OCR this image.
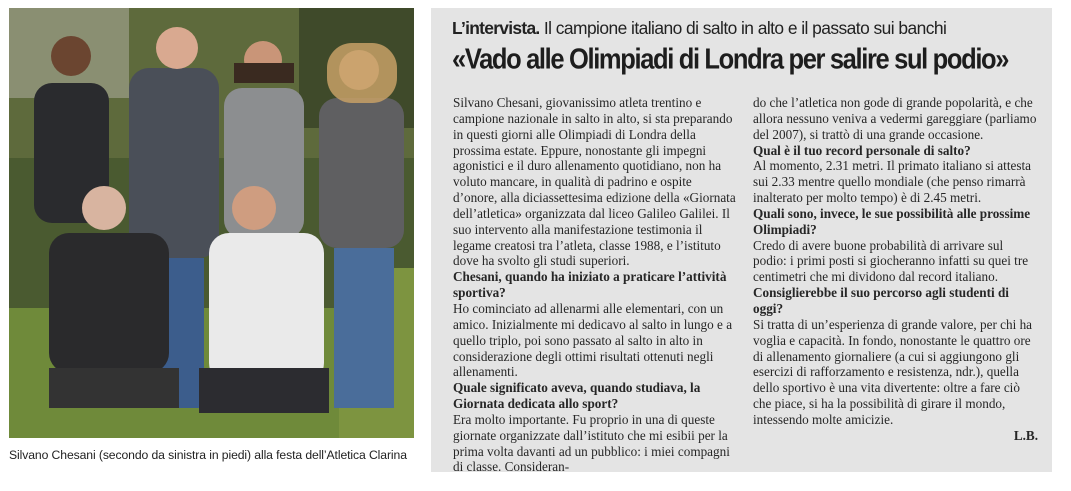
Silvano Chesani (secondo da sinistra in piedi) alla festa dell’Atletica Clarina
L’intervista. Il campione italiano di salto in alto e il passato sui banchi
«Vado alle Olimpiadi di Londra per salire sul podio»

Silvano Chesani, giovanissimo atleta trentino e campione nazionale in salto in alto, si sta preparando in questi giorni alle Olimpiadi di Londra della prossima estate. Eppure, nonostante gli impegni agonistici e il duro allenamento quotidiano, non ha voluto mancare, in qualità di padrino e ospite d’onore, alla diciassettesima edizione della «Giornata dell’atletica» organizzata dal liceo Galileo Galilei. Il suo intervento alla manifestazione testimonia il legame creatosi tra l’atleta, classe 1988, e l’istituto dove ha svolto gli studi superiori.

Chesani, quando ha iniziato a praticare l’attività sportiva?

Ho cominciato ad allenarmi alle elementari, con un amico. Inizialmente mi dedicavo al salto in lungo e a quello triplo, poi sono passato al salto in alto in considerazione degli ottimi risultati ottenuti negli allenamenti.

Quale significato aveva, quando studiava, la Giornata dedicata allo sport?

Era molto importante. Fu proprio in una di queste giornate organizzate dall’istituto che mi esibii per la prima volta davanti ad un pubblico: i miei compagni di classe. Consideran-

do che l’atletica non gode di grande popolarità, e che allora nessuno veniva a vedermi gareggiare (parliamo del 2007), si trattò di una grande occasione.

Qual è il tuo record personale di salto?

Al momento, 2.31 metri. Il primato italiano si attesta sui 2.33 mentre quello mondiale (che penso rimarrà inalterato per molto tempo) è di 2.45 metri.

Quali sono, invece, le sue possibilità alle prossime Olimpiadi?

Credo di avere buone probabilità di arrivare sul podio: i primi posti si giocheranno infatti su quei tre centimetri che mi dividono dal record italiano.

Consiglierebbe il suo percorso agli studenti di oggi?

Si tratta di un’esperienza di grande valore, per chi ha voglia e capacità. In fondo, nonostante le quattro ore di allenamento giornaliere (a cui si aggiungono gli esercizi di rafforzamento e resistenza, ndr.), quella dello sportivo è una vita divertente: oltre a fare ciò che piace, si ha la possibilità di girare il mondo, intessendo molte amicizie.

L.B.
